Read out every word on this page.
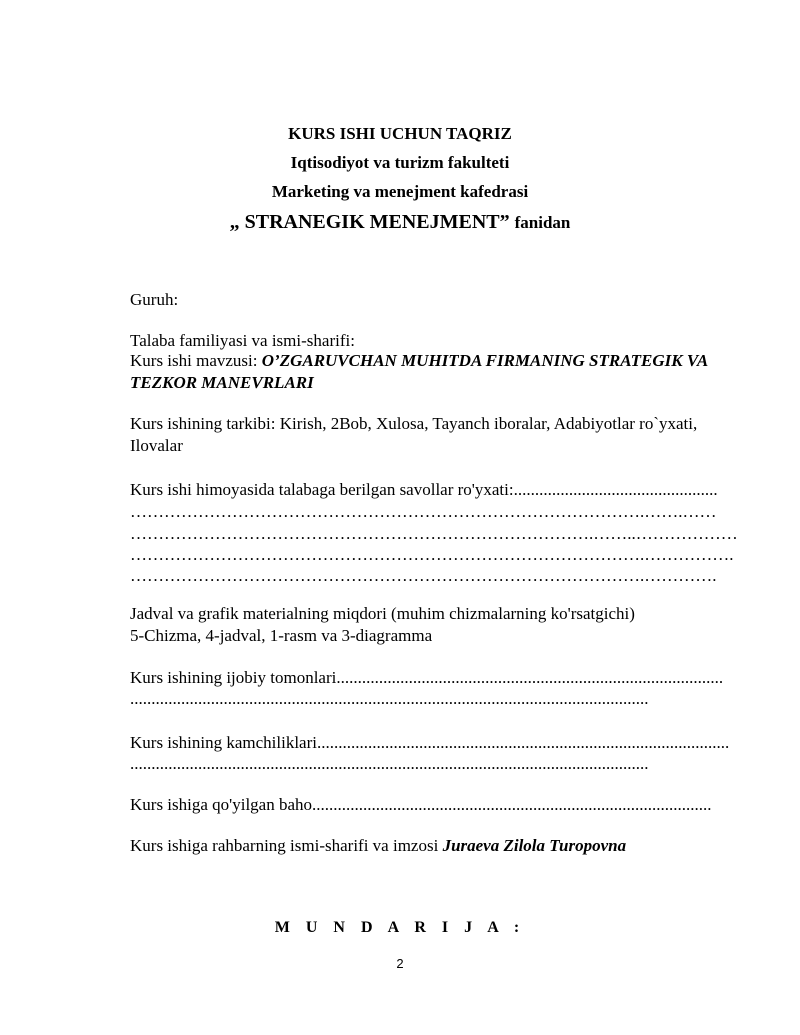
KURS ISHI UCHUN TAQRIZ
Iqtisodiyot va turizm fakulteti
Marketing va menejment kafedrasi
„ STRANEGIK MENEJMENT” fanidan
Guruh:
Talaba familiyasi va ismi-sharifi:
Kurs ishi mavzusi: O’ZGARUVCHAN MUHITDA FIRMANING STRATEGIK VA
TEZKOR MANEVRLARI
Kurs ishining tarkibi: Kirish, 2Bob, Xulosa, Tayanch iboralar, Adabiyotlar ro`yxati,
Ilovalar
Kurs ishi himoyasida talabaga berilgan savollar ro'yxati:................................................
……………………………………………………………………………….…….……
……………………………………………………………………….……..………………
……………………………………………………………………………….…………….
……………………………………………………………………………….………….
Jadval va grafik materialning miqdori (muhim chizmalarning ko'rsatgichi)
5-Chizma, 4-jadval, 1-rasm va 3-diagramma
Kurs ishining ijobiy tomonlari...........................................................................................
..........................................................................................................................
Kurs ishining kamchiliklari.................................................................................................
..........................................................................................................................
Kurs ishiga qo'yilgan baho..............................................................................................
Kurs ishiga rahbarning ismi-sharifi va imzosi Juraeva Zilola Turopovna
M U N D A R I J A :
2
